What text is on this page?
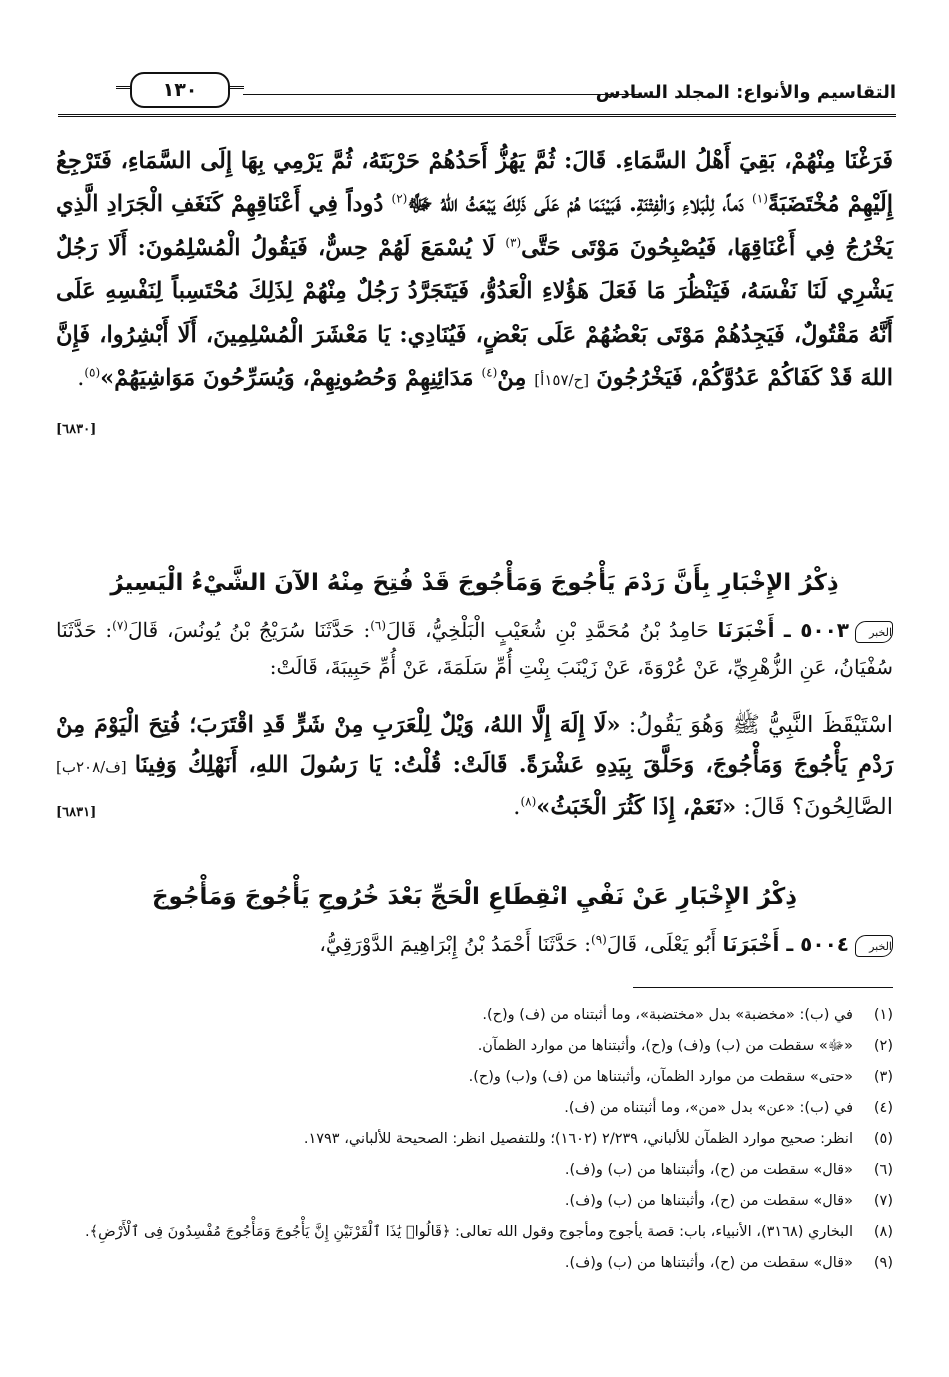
التقاسيم والأنواع: المجلد السادس
١٣٠

فَرَغْنَا مِنْهُمْ، بَقِيَ أَهْلُ السَّمَاءِ. قَالَ: ثُمَّ يَهُزُّ أَحَدُهُمْ حَرْبَتَهُ، ثُمَّ يَرْمِي بِهَا إِلَى السَّمَاءِ، فَتَرْجِعُ إِلَيْهِمْ مُخْتَضَبَةً$^{(١)}$ دَماً، لِلْبَلاءِ وَالْفِتْنَةِ. فَبَيْنَمَا هُمْ عَلَى ذَلِكَ يَبْعَثُ اللهُ ﷻ$^{(٢)}$ دُوداً فِي أَعْنَاقِهِمْ كَنَغَفِ الْجَرَادِ الَّذِي يَخْرُجُ فِي أَعْنَاقِهَا، فَيُصْبِحُونَ مَوْتَى حَتَّى$^{(٣)}$ لَا يُسْمَعَ لَهُمْ حِسٌّ، فَيَقُولُ الْمُسْلِمُونَ: أَلَا رَجُلٌ يَشْرِي لَنَا نَفْسَهُ، فَيَنْظُرَ مَا فَعَلَ هَؤُلاءِ الْعَدُوُّ، فَيَتَجَرَّدُ رَجُلٌ مِنْهُمْ لِذَلِكَ مُحْتَسِباً لِنَفْسِهِ عَلَى أَنَّهُ مَقْتُولٌ، فَيَجِدُهُمْ مَوْتَى بَعْضُهُمْ عَلَى بَعْضٍ، فَيُنَادِي: يَا مَعْشَرَ الْمُسْلِمِينَ، أَلَا أَبْشِرُوا، فَإِنَّ اللهَ قَدْ كَفَاكُمْ عَدُوَّكُمْ، فَيَخْرُجُونَ [ح/١٥٧أ] مِنْ$^{(٤)}$ مَدَائِنِهِمْ وَحُصُونِهِمْ، وَيُسَرِّحُونَ مَوَاشِيَهُمْ»$^{(٥)}$.
[٦٨٣٠]

ذِكْرُ الإِخْبَارِ بِأَنَّ رَدْمَ يَأْجُوجَ وَمَأْجُوجَ قَدْ فُتِحَ مِنْهُ الآنَ الشَّيْءُ الْيَسِيرُ
الخبر٥٠٠٣ ـ أَخْبَرَنَا حَامِدُ بْنُ مُحَمَّدِ بْنِ شُعَيْبٍ الْبَلْخِيُّ، قَالَ$^{(٦)}$: حَدَّثَنَا سُرَيْجُ بْنُ يُونُسَ، قَالَ$^{(٧)}$: حَدَّثَنَا سُفْيَانُ، عَنِ الزُّهْرِيِّ، عَنْ عُرْوَةَ، عَنْ زَيْنَبَ بِنْتِ أُمِّ سَلَمَةَ، عَنْ أُمِّ حَبِيبَةَ، قَالَتْ:
اسْتَيْقَظَ النَّبِيُّ ﷺ وَهُوَ يَقُولُ: «لَا إِلَهَ إِلَّا اللهُ، وَيْلٌ لِلْعَرَبِ مِنْ شَرٍّ قَدِ اقْتَرَبَ؛ فُتِحَ الْيَوْمَ مِنْ رَدْمِ يَأْجُوجَ وَمَأْجُوجَ، وَحَلَّقَ بِيَدِهِ عَشْرَةً. قَالَتْ: قُلْتُ: يَا رَسُولَ اللهِ، أَنَهْلِكُ وَفِينَا [ف/٢٠٨ب] الصَّالِحُونَ؟ قَالَ: «نَعَمْ، إِذَا كَثُرَ الْخَبَثُ»$^{(٨)}$.
[٦٨٣١]
ذِكْرُ الإِخْبَارِ عَنْ نَفْيِ انْقِطَاعِ الْحَجِّ بَعْدَ خُرُوجِ يَأْجُوجَ وَمَأْجُوجَ
الخبر٥٠٠٤ ـ أَخْبَرَنَا أَبُو يَعْلَى، قَالَ$^{(٩)}$: حَدَّثَنَا أَحْمَدُ بْنُ إِبْرَاهِيمَ الدَّوْرَقِيُّ،
(١)
في (ب): «مخضبة» بدل «مختضبة»، وما أثبتناه من (ف) و(ح).
(٢)
«ﷻ» سقطت من (ب) و(ف) و(ح)، وأثبتناها من موارد الظمآن.
(٣)
«حتى» سقطت من موارد الظمآن، وأثبتناها من (ف) و(ب) و(ح).
(٤)
في (ب): «عن» بدل «من»، وما أثبتناه من (ف).
(٥)
انظر: صحيح موارد الظمآن للألباني، ٢/٢٣٩ (١٦٠٢)؛ وللتفصيل انظر: الصحيحة للألباني، ١٧٩٣.
(٦)
«قال» سقطت من (ح)، وأثبتناها من (ب) و(ف).
(٧)
«قال» سقطت من (ح)، وأثبتناها من (ب) و(ف).
(٨)
البخاري (٣١٦٨)، الأنبياء، باب: قصة يأجوج ومأجوج وقول الله تعالى: ﴿قَالُوا۟ يَٰذَا ٱلْقَرْنَيْنِ إِنَّ يَأْجُوجَ وَمَأْجُوجَ مُفْسِدُونَ فِى ٱلْأَرْضِ﴾.
(٩)
«قال» سقطت من (ح)، وأثبتناها من (ب) و(ف).
